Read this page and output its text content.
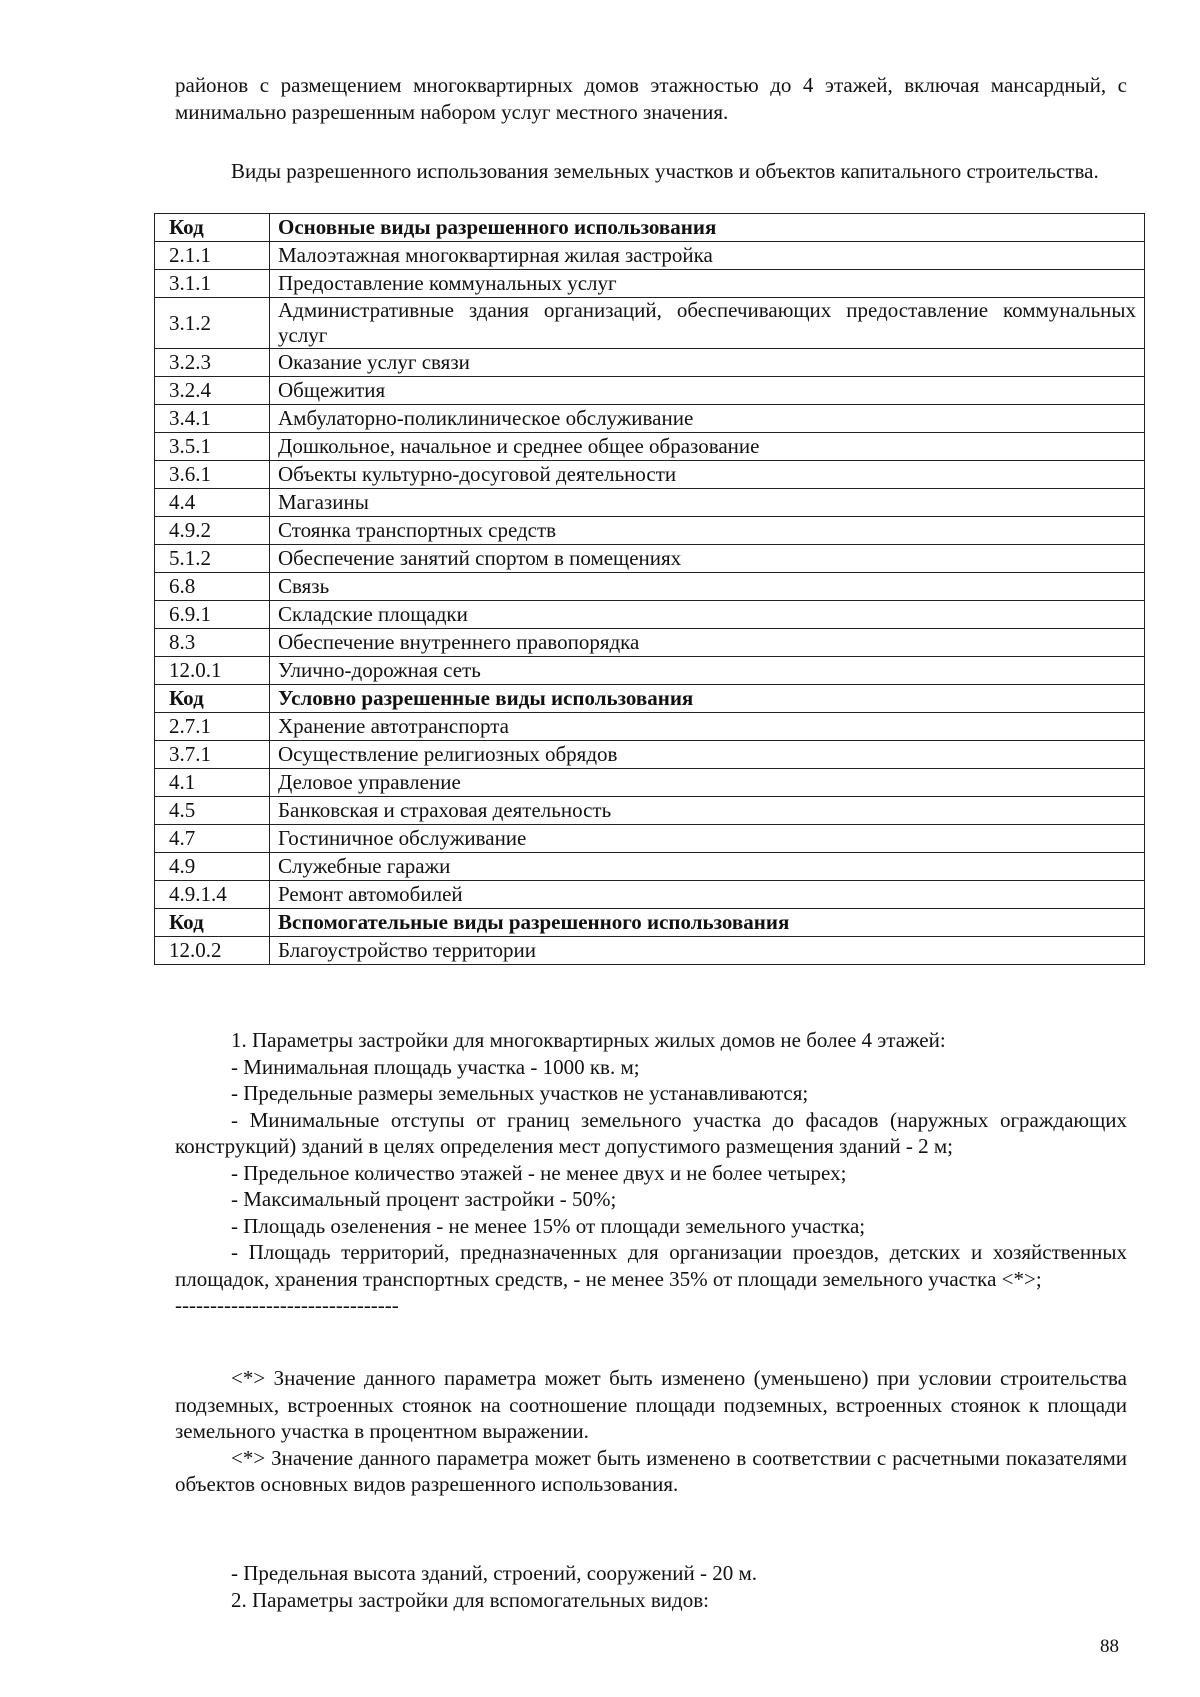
районов с размещением многоквартирных домов этажностью до 4 этажей, включая мансардный, с минимально разрешенным набором услуг местного значения.

Виды разрешенного использования земельных участков и объектов капитального строительства.

Код	Основные виды разрешенного использования
2.1.1	Малоэтажная многоквартирная жилая застройка
3.1.1	Предоставление коммунальных услуг
3.1.2	Административные здания организаций, обеспечивающих предоставление коммунальных услуг
3.2.3	Оказание услуг связи
3.2.4	Общежития
3.4.1	Амбулаторно-поликлиническое обслуживание
3.5.1	Дошкольное, начальное и среднее общее образование
3.6.1	Объекты культурно-досуговой деятельности
4.4	Магазины
4.9.2	Стоянка транспортных средств
5.1.2	Обеспечение занятий спортом в помещениях
6.8	Связь
6.9.1	Складские площадки
8.3	Обеспечение внутреннего правопорядка
12.0.1	Улично-дорожная сеть
Код	Условно разрешенные виды использования
2.7.1	Хранение автотранспорта
3.7.1	Осуществление религиозных обрядов
4.1	Деловое управление
4.5	Банковская и страховая деятельность
4.7	Гостиничное обслуживание
4.9	Служебные гаражи
4.9.1.4	Ремонт автомобилей
Код	Вспомогательные виды разрешенного использования
12.0.2	Благоустройство территории

1. Параметры застройки для многоквартирных жилых домов не более 4 этажей:

- Минимальная площадь участка - 1000 кв. м;

- Предельные размеры земельных участков не устанавливаются;

- Минимальные отступы от границ земельного участка до фасадов (наружных ограждающих конструкций) зданий в целях определения мест допустимого размещения зданий - 2 м;

- Предельное количество этажей - не менее двух и не более четырех;

- Максимальный процент застройки - 50%;

- Площадь озеленения - не менее 15% от площади земельного участка;

- Площадь территорий, предназначенных для организации проездов, детских и хозяйственных площадок, хранения транспортных средств, - не менее 35% от площади земельного участка <*>;

--------------------------------

<*> Значение данного параметра может быть изменено (уменьшено) при условии строительства подземных, встроенных стоянок на соотношение площади подземных, встроенных стоянок к площади земельного участка в процентном выражении.

<*> Значение данного параметра может быть изменено в соответствии с расчетными показателями объектов основных видов разрешенного использования.

- Предельная высота зданий, строений, сооружений - 20 м.

2. Параметры застройки для вспомогательных видов:

88
